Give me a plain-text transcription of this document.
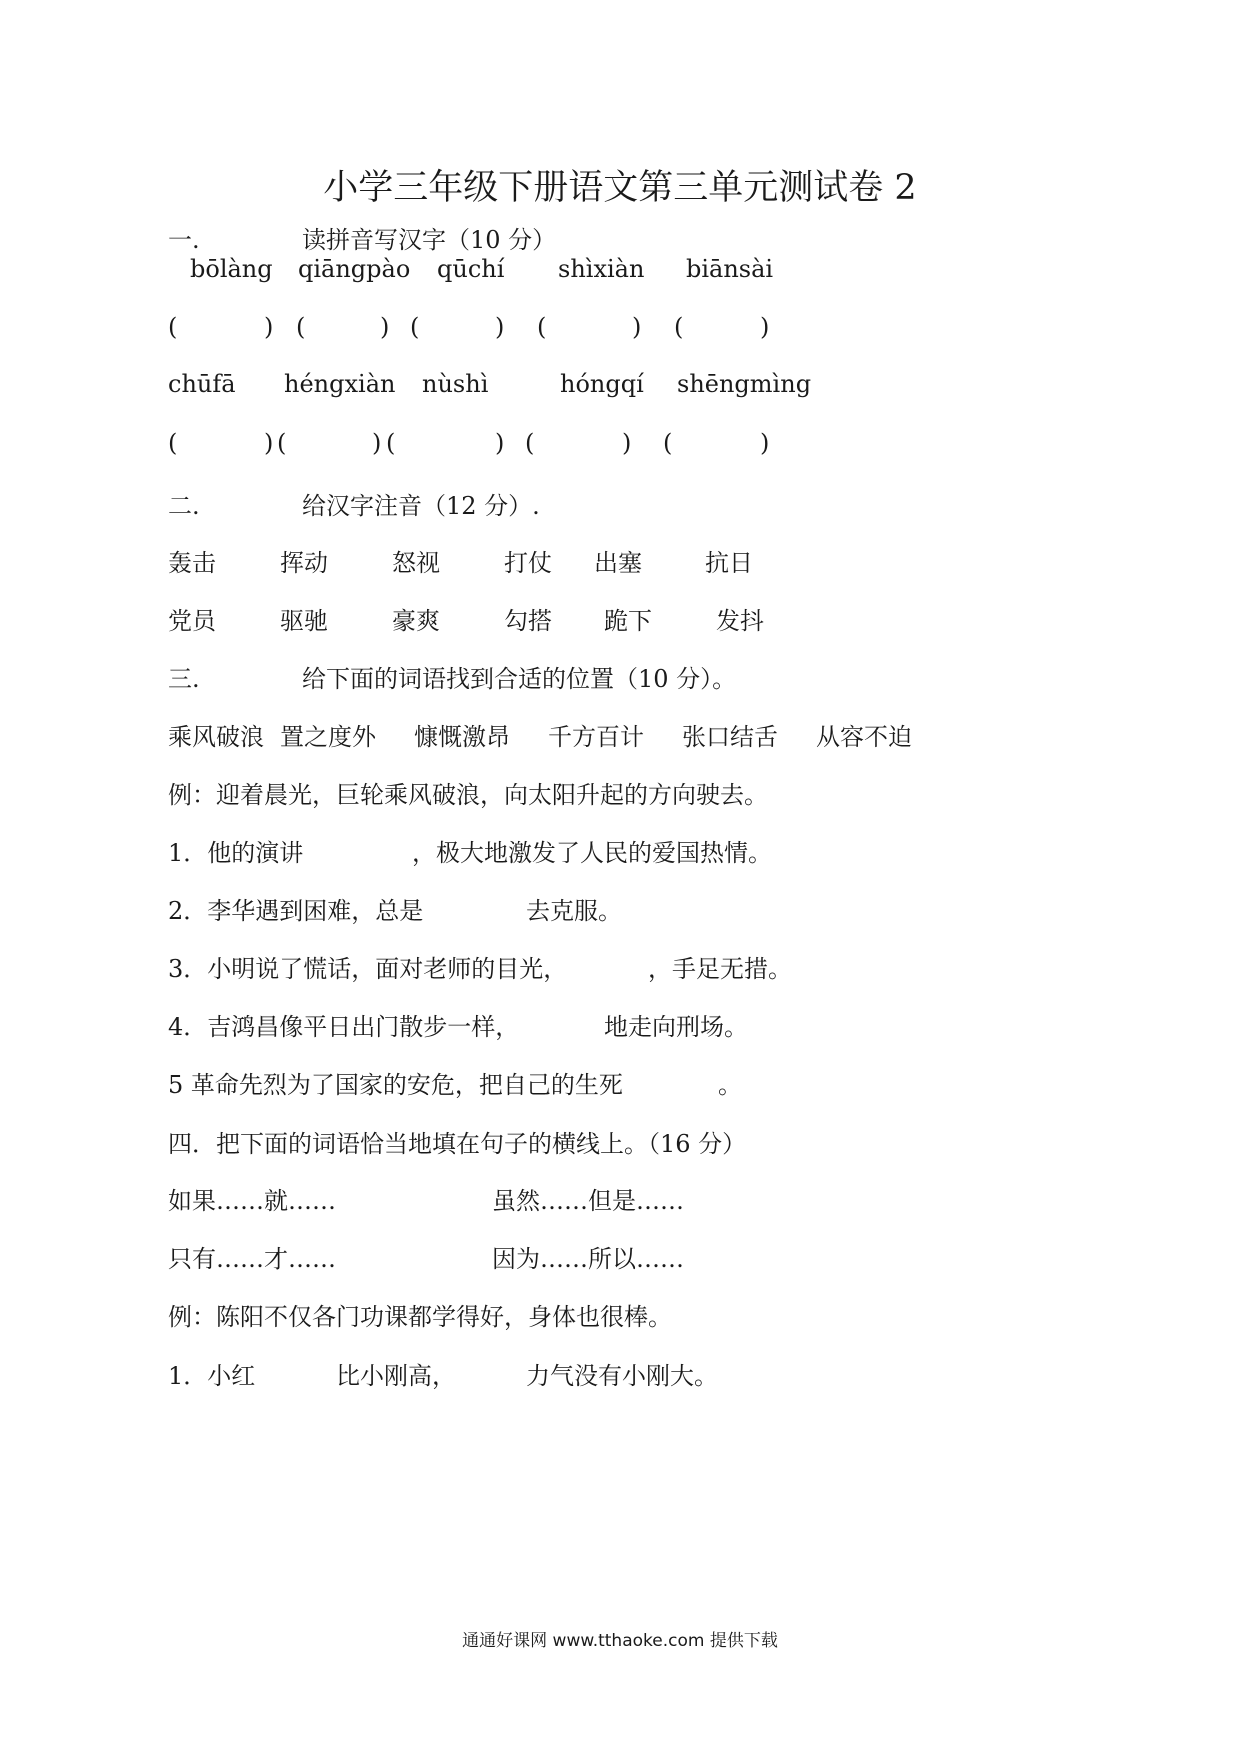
小学三年级下册语文第三单元测试卷 2
一.	读拼音写汉字（10 分）
bōlàng qiāngpào qūchí shìxiàn biānsài
(	) (	) (	) (	) (	)
chūfā héngxiàn nùshì	hóngqí shēngmìng
(	) (	) (	) (	) (	)
二.	给汉字注音（12 分）.
轰击	挥动	怒视	打仗 出塞	抗日
党员	驱驰	豪爽	勾搭 跪下	发抖
三.	给下面的词语找到合适的位置（10 分）。
乘风破浪 置之度外 慷慨激昂 千方百计 张口结舌 从容不迫
例：迎着晨光，巨轮乘风破浪，向太阳升起的方向驶去。
1．他的演讲	，极大地激发了人民的爱国热情。
2．李华遇到困难，总是	去克服。
3．小明说了慌话，面对老师的目光，	，手足无措。
4．吉鸿昌像平日出门散步一样，	地走向刑场。
5 革命先烈为了国家的安危，把自己的生死	。
四．把下面的词语恰当地填在句子的横线上。（16 分）
如果……就……	虽然……但是……
只有……才……	因为……所以……
例：陈阳不仅各门功课都学得好，身体也很棒。
1．小红	比小刚高，	力气没有小刚大。
通通好课网 www.tthaoke.com 提供下载
